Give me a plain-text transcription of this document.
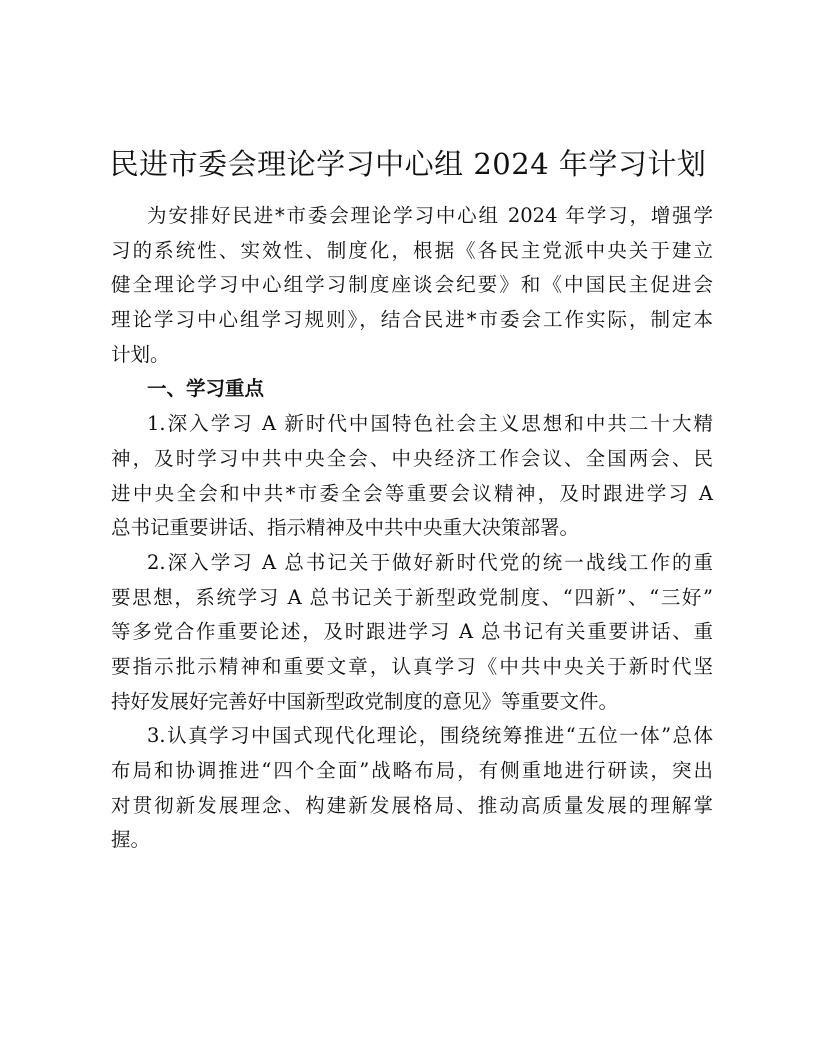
民进市委会理论学习中心组 2024 年学习计划
为安排好民进*市委会理论学习中心组 2024 年学习，增强学
习的系统性、实效性、制度化，根据《各民主党派中央关于建立
健全理论学习中心组学习制度座谈会纪要》和《中国民主促进会
理论学习中心组学习规则》，结合民进*市委会工作实际，制定本
计划。
一、学习重点
1.深入学习 A 新时代中国特色社会主义思想和中共二十大精
神，及时学习中共中央全会、中央经济工作会议、全国两会、民
进中央全会和中共*市委全会等重要会议精神，及时跟进学习 A
总书记重要讲话、指示精神及中共中央重大决策部署。
2.深入学习 A 总书记关于做好新时代党的统一战线工作的重
要思想，系统学习 A 总书记关于新型政党制度、“四新”、“三好”
等多党合作重要论述，及时跟进学习 A 总书记有关重要讲话、重
要指示批示精神和重要文章，认真学习《中共中央关于新时代坚
持好发展好完善好中国新型政党制度的意见》等重要文件。
3.认真学习中国式现代化理论，围绕统筹推进“五位一体”总体
布局和协调推进“四个全面”战略布局，有侧重地进行研读，突出
对贯彻新发展理念、构建新发展格局、推动高质量发展的理解掌
握。
